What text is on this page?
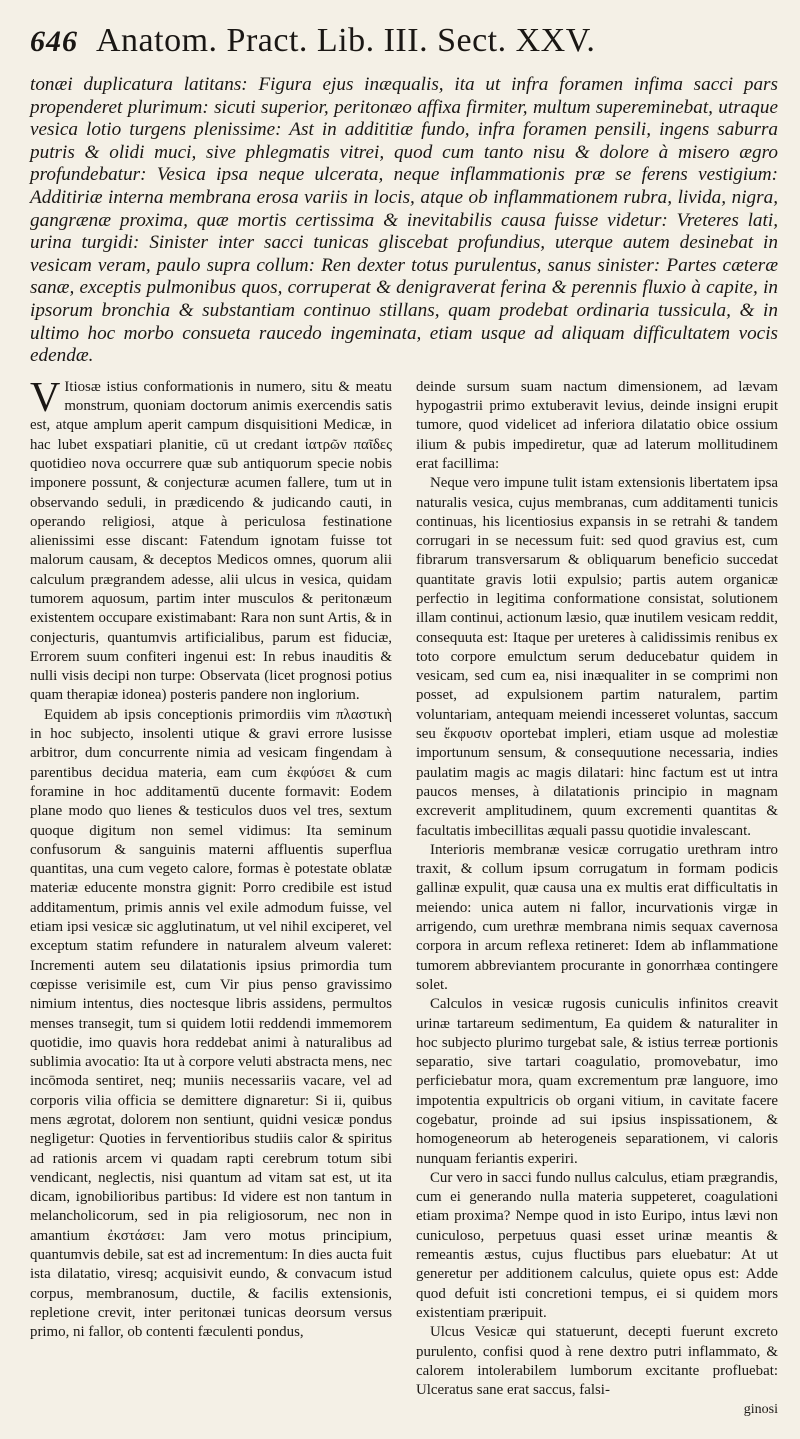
646 Anatom. Pract. Lib. III. Sect. XXV.

tonæi duplicatura latitans: Figura ejus inæqualis, ita ut infra foramen infima sacci pars propenderet plurimum: sicuti superior, peritonæo affixa firmiter, multum supereminebat, utraque vesica lotio turgens plenissime: Ast in addititiæ fundo, infra foramen pensili, ingens saburra putris & olidi muci, sive phlegmatis vitrei, quod cum tanto nisu & dolore à misero ægro profundebatur: Vesica ipsa neque ulcerata, neque inflammationis præ se ferens vestigium: Additiriæ interna membrana erosa variis in locis, atque ob inflammationem rubra, livida, nigra, gangrænæ proxima, quæ mortis certissima & inevitabilis causa fuisse videtur: Vreteres lati, urina turgidi: Sinister inter sacci tunicas gliscebat profundius, uterque autem desinebat in vesicam veram, paulo supra collum: Ren dexter totus purulentus, sanus sinister: Partes cæteræ sanæ, exceptis pulmonibus quos, corruperat & denigraverat ferina & perennis fluxio à capite, in ipsorum bronchia & substantiam continuo stillans, quam prodebat ordinaria tussicula, & in ultimo hoc morbo consueta raucedo ingeminata, etiam usque ad aliquam difficultatem vocis edendæ.

V Itiosæ istius conformationis in numero, situ & meatu monstrum, quoniam doctorum animis exercendis satis est, atque amplum aperit campum disquisitioni Medicæ, in hac lubet exspatiari planitie, cū ut credant ἰατρῶν παῖδες quotidieo nova occurrere quæ sub antiquorum specie nobis imponere possunt, & conjecturæ acumen fallere, tum ut in observando seduli, in prædicendo & judicando cauti, in operando religiosi, atque à periculosa festinatione alienissimi esse discant: Fatendum ignotam fuisse tot malorum causam, & deceptos Medicos omnes, quorum alii calculum prægrandem adesse, alii ulcus in vesica, quidam tumorem aquosum, partim inter musculos & peritonæum existentem occupare existimabant: Rara non sunt Artis, & in conjecturis, quantumvis artificialibus, parum est fiduciæ, Errorem suum confiteri ingenui est: In rebus inauditis & nulli visis decipi non turpe: Observata (licet prognosi potius quam therapiæ idonea) posteris pandere non inglorium.

Equidem ab ipsis conceptionis primordiis vim πλαστικὴ in hoc subjecto, insolenti utique & gravi errore lusisse arbitror, dum concurrente nimia ad vesicam fingendam à parentibus decidua materia, eam cum ἐκφύσει & cum foramine in hoc additamentū ducente formavit: Eodem plane modo quo lienes & testiculos duos vel tres, sextum quoque digitum non semel vidimus: Ita seminum confusorum & sanguinis materni affluentis superflua quantitas, una cum vegeto calore, formas è potestate oblatæ materiæ educente monstra gignit: Porro credibile est istud additamentum, primis annis vel exile admodum fuisse, vel etiam ipsi vesicæ sic agglutinatum, ut vel nihil exciperet, vel exceptum statim refundere in naturalem alveum valeret: Incrementi autem seu dilatationis ipsius primordia tum cœpisse verisimile est, cum Vir pius penso gravissimo nimium intentus, dies noctesque libris assidens, permultos menses transegit, tum si quidem lotii reddendi immemorem quotidie, imo quavis hora reddebat animi à naturalibus ad sublimia avocatio: Ita ut à corpore veluti abstracta mens, nec incōmoda sentiret, neq; muniis necessariis vacare, vel ad corporis vilia officia se demittere dignaretur: Si ii, quibus mens ægrotat, dolorem non sentiunt, quidni vesicæ pondus negligetur: Quoties in ferventioribus studiis calor & spiritus ad rationis arcem vi quadam rapti cerebrum totum sibi vendicant, neglectis, nisi quantum ad vitam sat est, ut ita dicam, ignobilioribus partibus: Id videre est non tantum in melancholicorum, sed in pia religiosorum, nec non in amantium ἐκστάσει: Jam vero motus principium, quantumvis debile, sat est ad incrementum: In dies aucta fuit ista dilatatio, viresq; acquisivit eundo, & convacum istud corpus, membranosum, ductile, & facilis extensionis, repletione crevit, inter peritonæi tunicas deorsum versus primo, ni fallor, ob contenti fæculenti pondus,

deinde sursum suam nactum dimensionem, ad lævam hypogastrii primo extuberavit levius, deinde insigni erupit tumore, quod videlicet ad inferiora dilatatio obice ossium ilium & pubis impediretur, quæ ad laterum mollitudinem erat facillima:

Neque vero impune tulit istam extensionis libertatem ipsa naturalis vesica, cujus membranas, cum additamenti tunicis continuas, his licentiosius expansis in se retrahi & tandem corrugari in se necessum fuit: sed quod gravius est, cum fibrarum transversarum & obliquarum beneficio succedat quantitate gravis lotii expulsio; partis autem organicæ perfectio in legitima conformatione consistat, solutionem illam continui, actionum læsio, quæ inutilem vesicam reddit, consequuta est: Itaque per ureteres à calidissimis renibus ex toto corpore emulctum serum deducebatur quidem in vesicam, sed cum ea, nisi inæqualiter in se comprimi non posset, ad expulsionem partim naturalem, partim voluntariam, antequam meiendi incesseret voluntas, saccum seu ἔκφυσιν oportebat impleri, etiam usque ad molestiæ importunum sensum, & consequutione necessaria, indies paulatim magis ac magis dilatari: hinc factum est ut intra paucos menses, à dilatationis principio in magnam excreverit amplitudinem, quum excrementi quantitas & facultatis imbecillitas æquali passu quotidie invalescant.

Interioris membranæ vesicæ corrugatio urethram intro traxit, & collum ipsum corrugatum in formam podicis gallinæ expulit, quæ causa una ex multis erat difficultatis in meiendo: unica autem ni fallor, incurvationis virgæ in arrigendo, cum urethræ membrana nimis sequax cavernosa corpora in arcum reflexa retineret: Idem ab inflammatione tumorem abbreviantem procurante in gonorrhæa contingere solet.

Calculos in vesicæ rugosis cuniculis infinitos creavit urinæ tartareum sedimentum, Ea quidem & naturaliter in hoc subjecto plurimo turgebat sale, & istius terreæ portionis separatio, sive tartari coagulatio, promovebatur, imo perficiebatur mora, quam excrementum præ languore, imo impotentia expultricis ob organi vitium, in cavitate facere cogebatur, proinde ad sui ipsius inspissationem, & homogeneorum ab heterogeneis separationem, vi caloris nunquam feriantis experiri.

Cur vero in sacci fundo nullus calculus, etiam prægrandis, cum ei generando nulla materia suppeteret, coagulationi etiam proxima? Nempe quod in isto Euripo, intus lævi non cuniculoso, perpetuus quasi esset urinæ meantis & remeantis æstus, cujus fluctibus pars eluebatur: At ut generetur per additionem calculus, quiete opus est: Adde quod defuit isti concretioni tempus, ei si quidem mors existentiam præripuit.

Ulcus Vesicæ qui statuerunt, decepti fuerunt excreto purulento, confisi quod à rene dextro putri inflammato, & calorem intolerabilem lumborum excitante profluebat: Ulceratus sane erat saccus, falsi-

ginosi
